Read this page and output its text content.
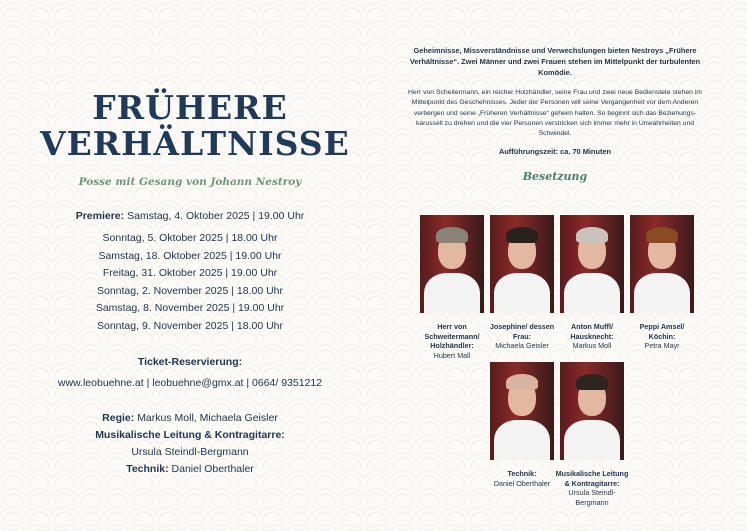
FRÜHERE
VERHÄLTNISSE
Posse mit Gesang von Johann Nestroy
Premiere: Samstag, 4. Oktober 2025 | 19.00 Uhr
Sonntag, 5. Oktober 2025 | 18.00 Uhr
Samstag, 18. Oktober 2025 | 19.00 Uhr
Freitag, 31. Oktober 2025 | 19.00 Uhr
Sonntag, 2. November 2025 | 18.00 Uhr
Samstag, 8. November 2025 | 19.00 Uhr
Sonntag, 9. November 2025 | 18.00 Uhr
Ticket-Reservierung:
www.leobuehne.at | leobuehne@gmx.at | 0664/ 9351212
Regie: Markus Moll, Michaela Geisler
Musikalische Leitung & Kontragitarre:
Ursula Steindl-Bergmann
Technik: Daniel Oberthaler
Geheimnisse, Missverständnisse und Verwechslungen bieten Nestroys „Frühere Verhältnisse“. Zwei Männer und zwei Frauen stehen im Mittelpunkt der turbulenten Komödie.
Herr von Scheitermann, ein reicher Holzhändler, seine Frau und zwei neue Bedienstete stehen im Mittelpunkt des Geschehnisses. Jeder der Personen will seine Vergangenheit vor dem Anderen verbergen und seine „Früheren Verhältnisse“ geheim halten. So beginnt sich das Beziehungs-karussell zu drehen und die vier Personen verstricken sich immer mehr in Unwahrheiten und Schwindel.
Aufführungszeit: ca. 70 Minuten
Besetzung
Herr von Schweitermann/ Holzhändler:
Hubert Mall
Josephine/ dessen Frau:
Michaela Geisler
Anton Muffl/ Hausknecht:
Markus Moll
Peppi Amsel/ Köchin:
Petra Mayr
Technik:
Daniel Oberthaler
Musikalische Leitung & Kontragitarre:
Ursula Steindl-Bergmann
